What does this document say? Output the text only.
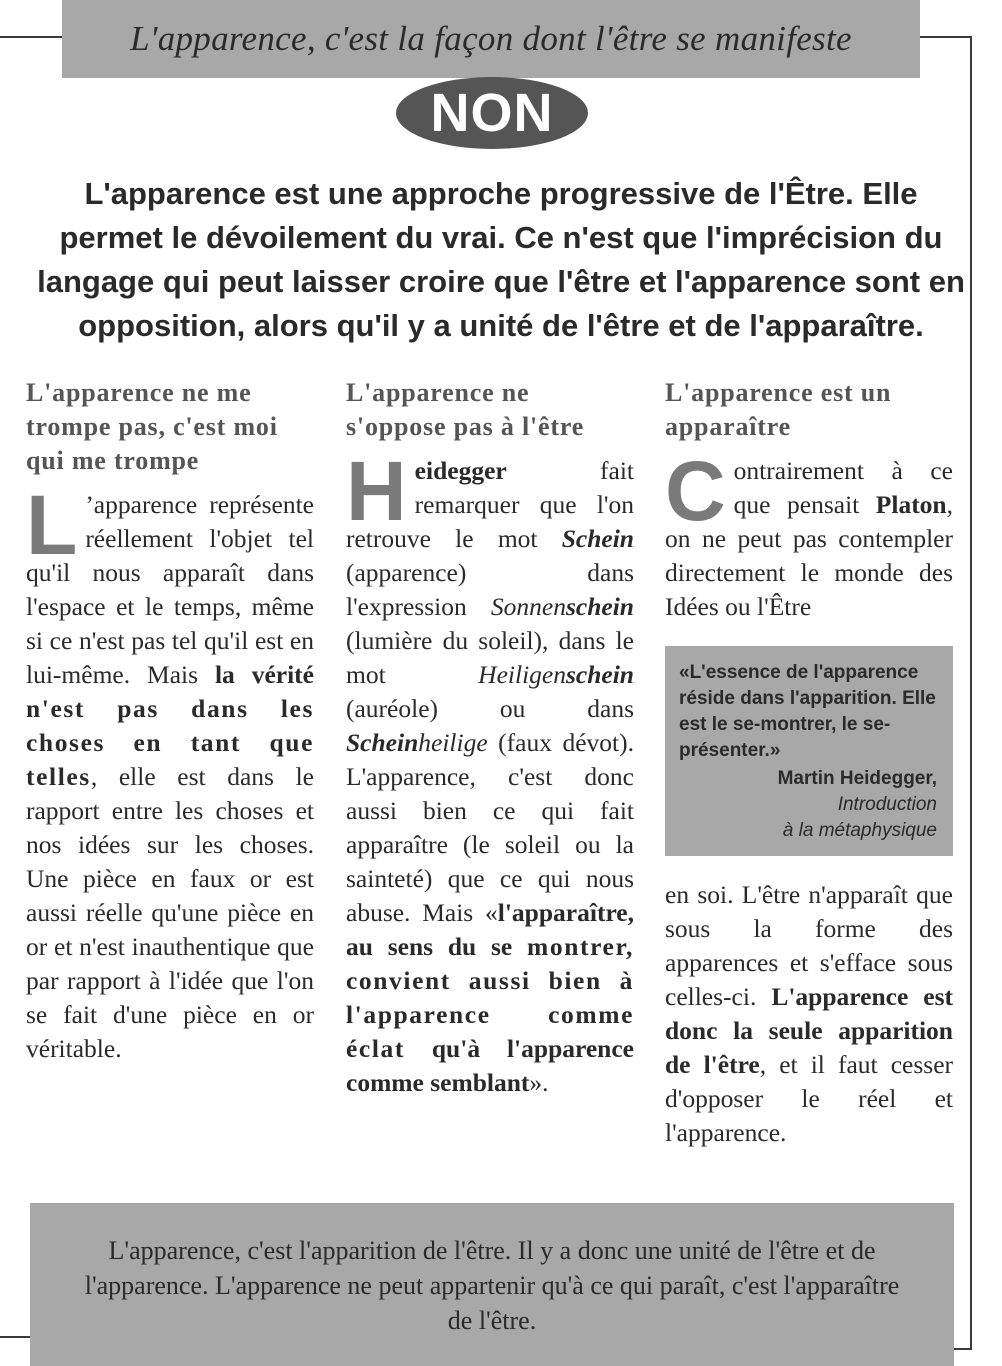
L'apparence, c'est la façon dont l'être se manifeste
NON
L'apparence est une approche progressive de l'Être. Elle permet le dévoilement du vrai. Ce n'est que l'imprécision du langage qui peut laisser croire que l'être et l'apparence sont en opposition, alors qu'il y a unité de l'être et de l'apparaître.
L'apparence ne me trompe pas, c'est moi qui me trompe
L ’apparence représente réellement l'objet tel qu'il nous apparaît dans l'espace et le temps, même si ce n'est pas tel qu'il est en lui-même. Mais la vérité n'est pas dans les choses en tant que telles, elle est dans le rapport entre les choses et nos idées sur les choses. Une pièce en faux or est aussi réelle qu'une pièce en or et n'est inauthentique que par rapport à l'idée que l'on se fait d'une pièce en or véritable.
L'apparence ne s'oppose pas à l'être
Heidegger fait remarquer que l'on retrouve le mot Schein (apparence) dans l'expression Sonnenschein (lumière du soleil), dans le mot Heiligenschein (auréole) ou dans Scheinheilige (faux dévot). L'apparence, c'est donc aussi bien ce qui fait apparaître (le soleil ou la sainteté) que ce qui nous abuse. Mais «l'apparaître, au sens du se montrer, convient aussi bien à l'apparence comme éclat qu'à l'apparence comme semblant».
L'apparence est un apparaître
Contrairement à ce que pensait Platon, on ne peut pas contempler directement le monde des Idées ou l'Être
«L'essence de l'apparence réside dans l'apparition. Elle est le se-montrer, le se-présenter.»
Martin Heidegger,
Introduction
à la métaphysique
en soi. L'être n'apparaît que sous la forme des apparences et s'efface sous celles-ci. L'apparence est donc la seule apparition de l'être, et il faut cesser d'opposer le réel et l'apparence.
L'apparence, c'est l'apparition de l'être. Il y a donc une unité de l'être et de l'apparence. L'apparence ne peut appartenir qu'à ce qui paraît, c'est l'apparaître de l'être.
